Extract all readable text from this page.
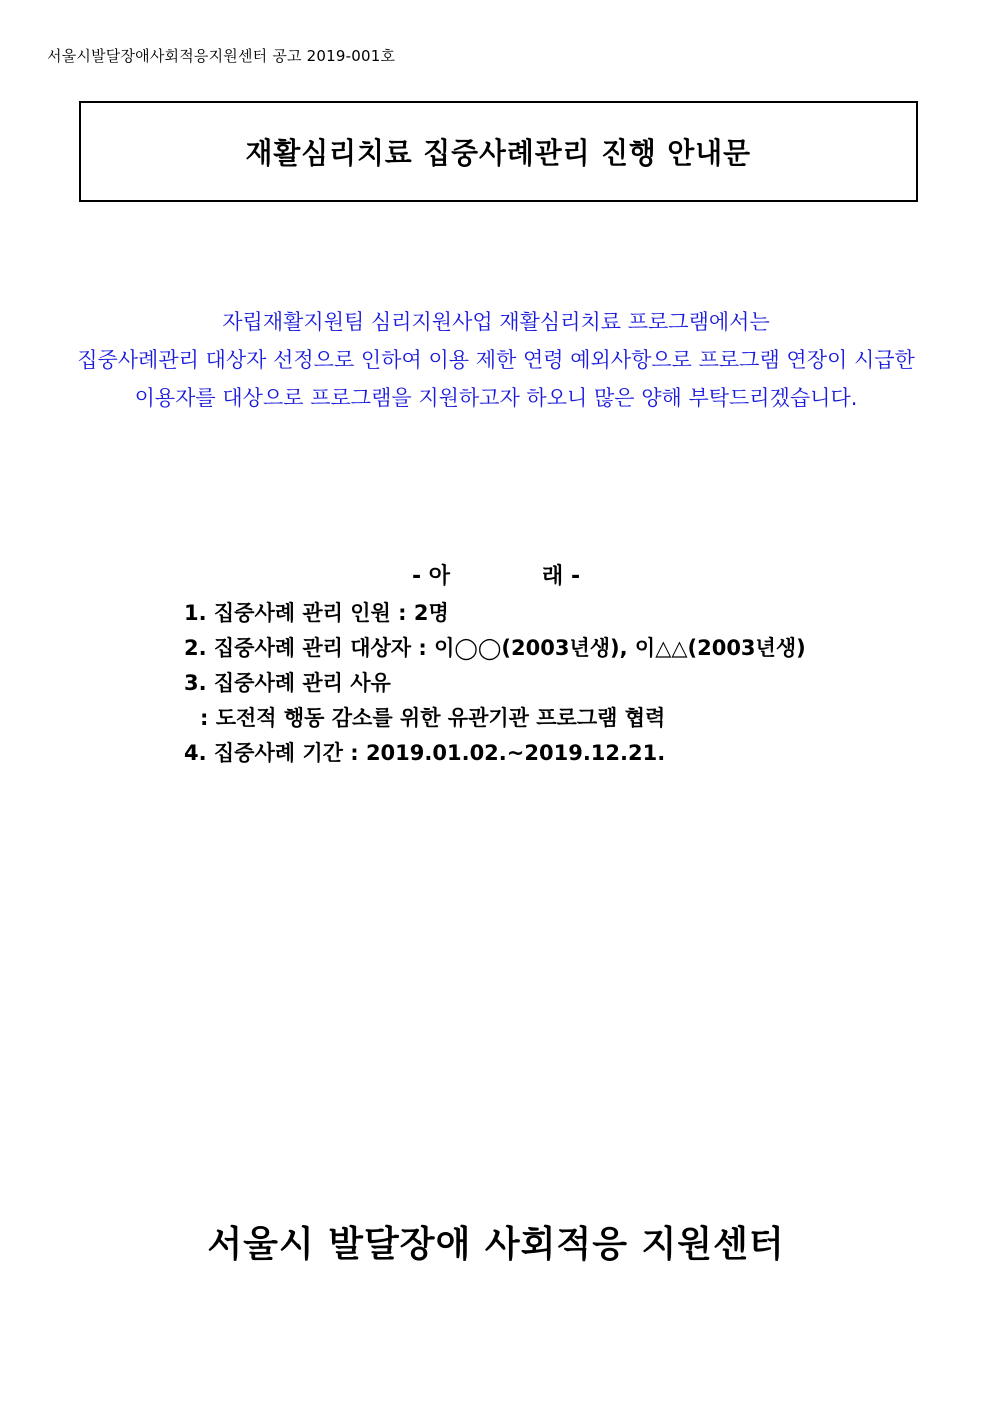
서울시발달장애사회적응지원센터 공고 2019-001호
재활심리치료 집중사례관리 진행 안내문
자립재활지원팀 심리지원사업 재활심리치료 프로그램에서는
집중사례관리 대상자 선정으로 인하여 이용 제한 연령 예외사항으로 프로그램 연장이 시급한
이용자를 대상으로 프로그램을 지원하고자 하오니 많은 양해 부탁드리겠습니다.
- 아	래 -
1. 집중사례 관리 인원 : 2명
2. 집중사례 관리 대상자 : 이◯◯(2003년생), 이△△(2003년생)
3. 집중사례 관리 사유
: 도전적 행동 감소를 위한 유관기관 프로그램 협력
4. 집중사례 기간 : 2019.01.02.~2019.12.21.
서울시 발달장애 사회적응 지원센터
